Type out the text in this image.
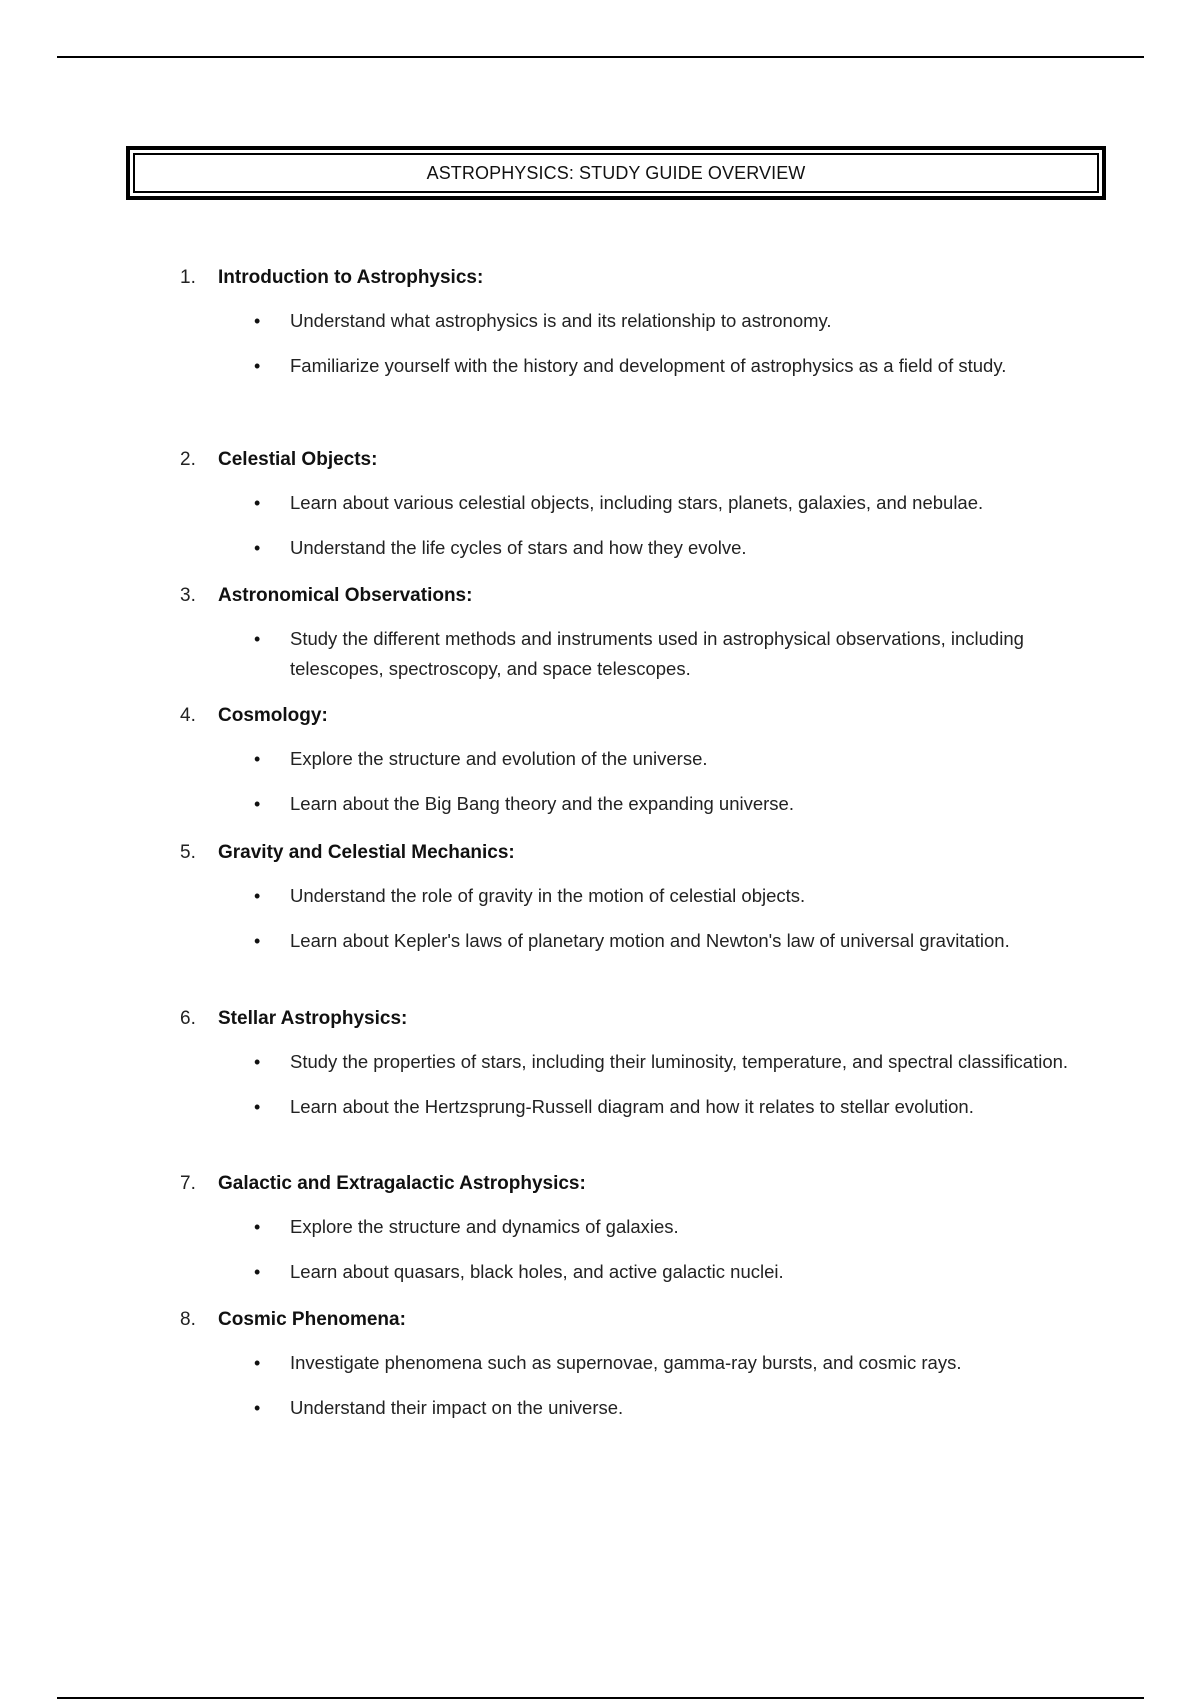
ASTROPHYSICS: STUDY GUIDE OVERVIEW
1.	Introduction to Astrophysics:
• Understand what astrophysics is and its relationship to astronomy.
• Familiarize yourself with the history and development of astrophysics as a field of study.
2.	Celestial Objects:
• Learn about various celestial objects, including stars, planets, galaxies, and nebulae.
• Understand the life cycles of stars and how they evolve.
3.	Astronomical Observations:
• Study the different methods and instruments used in astrophysical observations, including telescopes, spectroscopy, and space telescopes.
4.	Cosmology:
• Explore the structure and evolution of the universe.
• Learn about the Big Bang theory and the expanding universe.
5.	Gravity and Celestial Mechanics:
• Understand the role of gravity in the motion of celestial objects.
• Learn about Kepler's laws of planetary motion and Newton's law of universal gravitation.
6.	Stellar Astrophysics:
• Study the properties of stars, including their luminosity, temperature, and spectral classification.
• Learn about the Hertzsprung-Russell diagram and how it relates to stellar evolution.
7.	Galactic and Extragalactic Astrophysics:
• Explore the structure and dynamics of galaxies.
• Learn about quasars, black holes, and active galactic nuclei.
8.	Cosmic Phenomena:
• Investigate phenomena such as supernovae, gamma-ray bursts, and cosmic rays.
• Understand their impact on the universe.
